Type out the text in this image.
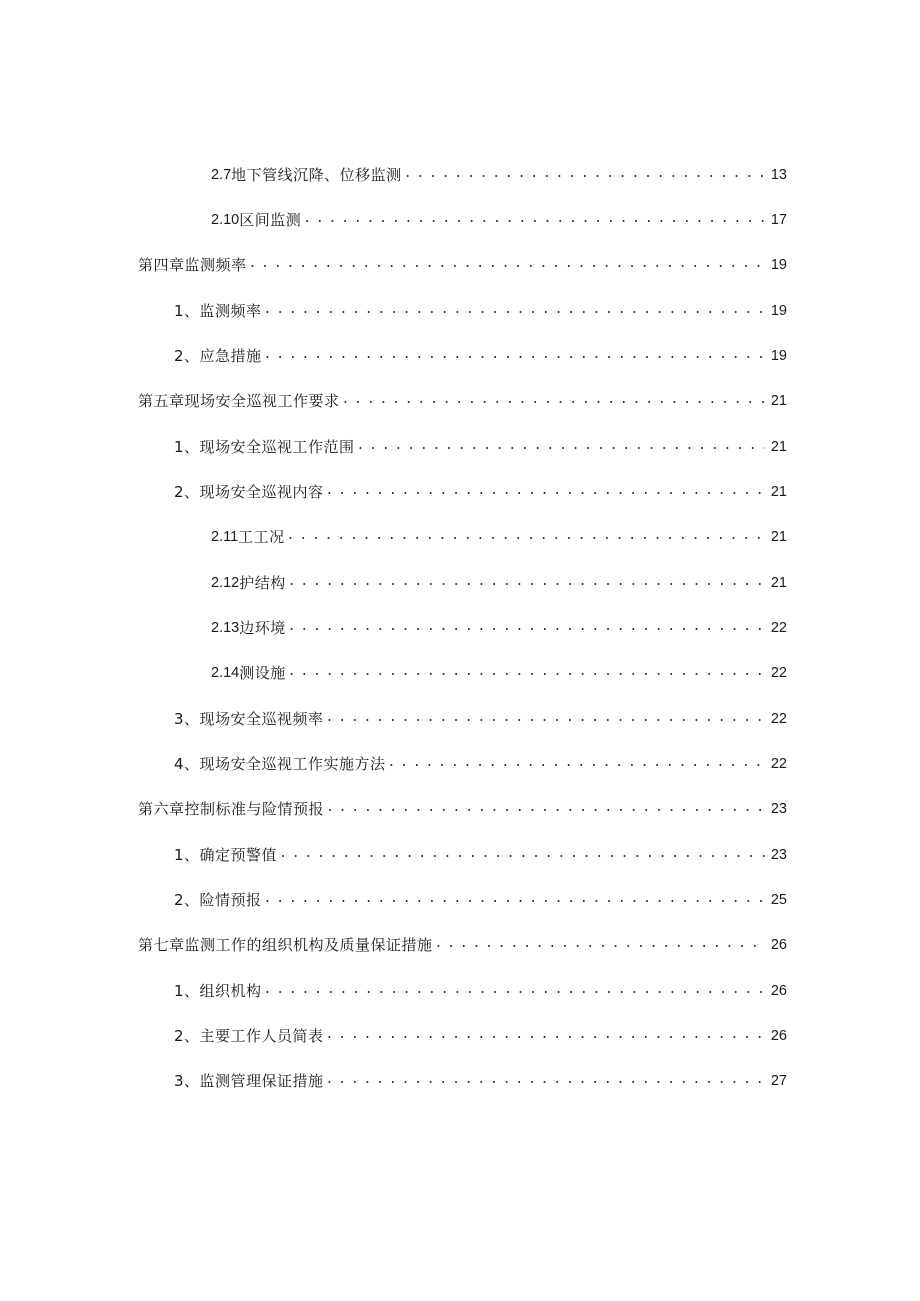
2.7 地下管线沉降、位移监测 . . .	13
2.10 区间监测 . . .	17
第四章监测频率 . . .	19
1、监测频率 . . .	19
2、应急措施 . . .	19
第五章现场安全巡视工作要求 . . .	21
1、现场安全巡视工作范围 . . .	21
2、现场安全巡视内容 . . .	21
2.11 工工况 . . .	21
2.12 护结构 . . .	21
2.13 边环境 . . .	22
2.14 测设施 . . .	22
3、现场安全巡视频率 . . .	22
4、现场安全巡视工作实施方法 . . .	22
第六章控制标准与险情预报 . . .	23
1、确定预警值 . . .	23
2、险情预报 . . .	25
第七章监测工作的组织机构及质量保证措施 . . .	26
1、组织机构 . . .	26
2、主要工作人员简表 . . .	26
3、监测管理保证措施 . . .	27
